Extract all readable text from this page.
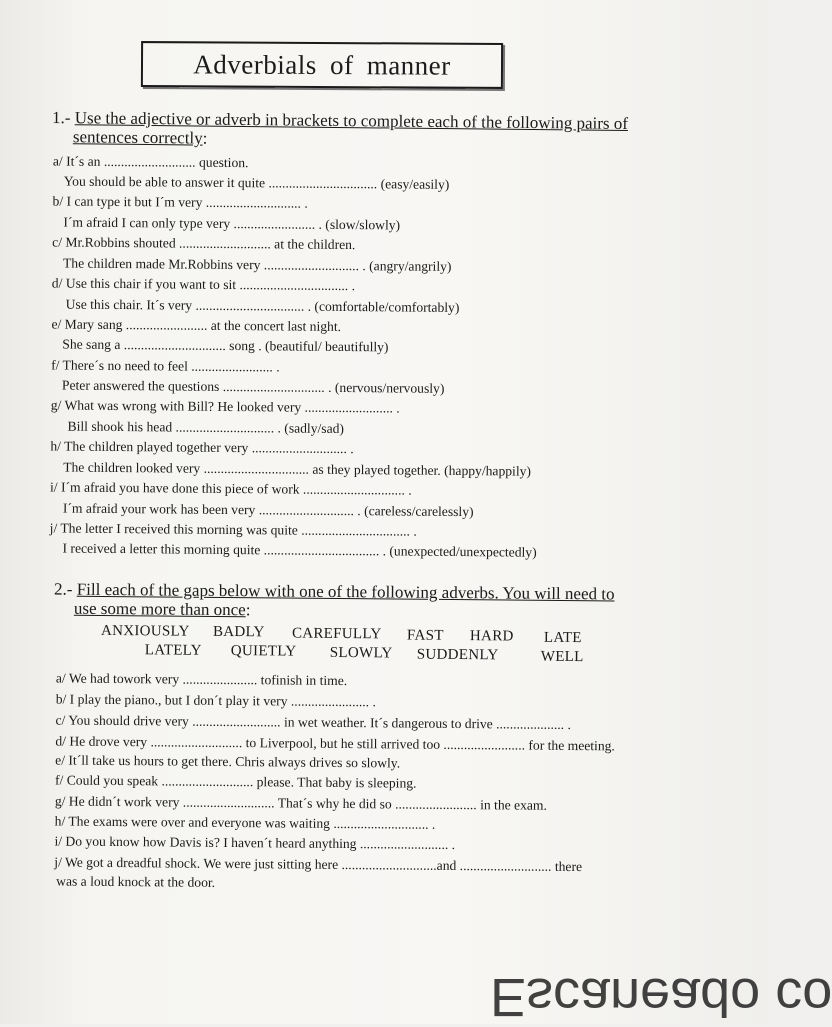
Adverbials of manner
1.- Use the adjective or adverb in brackets to complete each of the following pairs of
sentences correctly:
a/ It´s an ........................... question.
You should be able to answer it quite ................................ (easy/easily)
b/ I can type it but I´m very ............................ .
I´m afraid I can only type very ........................ . (slow/slowly)
c/ Mr.Robbins shouted ........................... at the children.
The children made Mr.Robbins very ............................ . (angry/angrily)
d/ Use this chair if you want to sit ................................ .
Use this chair. It´s very ................................ . (comfortable/comfortably)
e/ Mary sang ........................ at the concert last night.
She sang a .............................. song . (beautiful/ beautifully)
f/ There´s no need to feel ........................ .
Peter answered the questions .............................. . (nervous/nervously)
g/ What was wrong with Bill? He looked very .......................... .
Bill shook his head ............................. . (sadly/sad)
h/ The children played together very ............................ .
The children looked very ............................... as they played together. (happy/happily)
i/ I´m afraid you have done this piece of work .............................. .
I´m afraid your work has been very ............................ . (careless/carelessly)
j/ The letter I received this morning was quite ................................ .
I received a letter this morning quite .................................. . (unexpected/unexpectedly)
2.- Fill each of the gaps below with one of the following adverbs. You will need to
use some more than once:
ANXIOUSLY BADLY CAREFULLY FAST HARD LATE
LATELY QUIETLY SLOWLY SUDDENLY	WELL
a/ We had towork very ...................... tofinish in time.
b/ I play the piano., but I don´t play it very ....................... .
c/ You should drive very .......................... in wet weather. It´s dangerous to drive .................... .
d/ He drove very ........................... to Liverpool, but he still arrived too ........................ for the meeting.
e/ It´ll take us hours to get there. Chris always drives so slowly.
f/ Could you speak ........................... please. That baby is sleeping.
g/ He didn´t work very ........................... That´s why he did so ........................ in the exam.
h/ The exams were over and everyone was waiting ............................ .
i/ Do you know how Davis is? I haven´t heard anything .......................... .
j/ We got a dreadful shock. We were just sitting here ............................and ........................... there
was a loud knock at the door.
Escaneado co
